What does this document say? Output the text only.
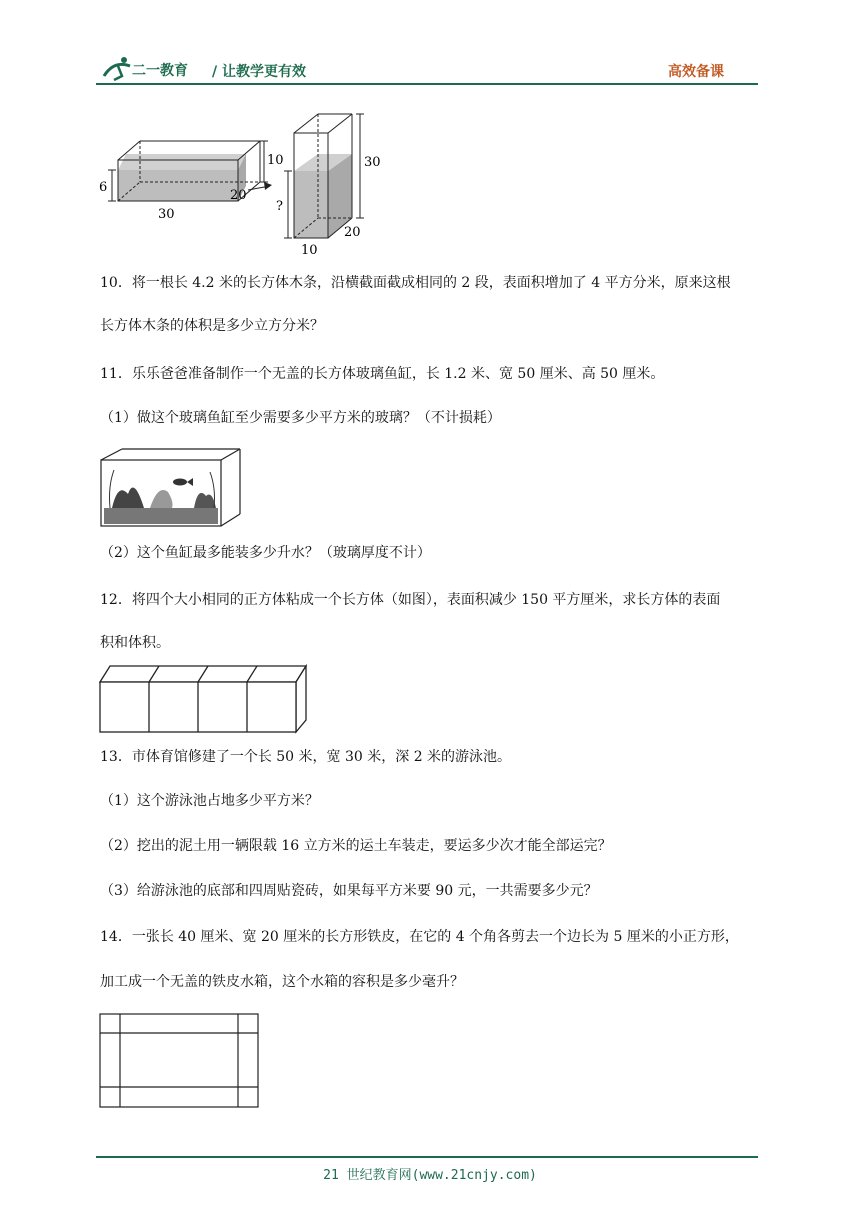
二一教育 / 让教学更有效	高效备课
10
6
30
20
30
?
10
20
10．将一根长 4.2 米的长方体木条，沿横截面截成相同的 2 段，表面积增加了 4 平方分米，原来这根
长方体木条的体积是多少立方分米？
11．乐乐爸爸准备制作一个无盖的长方体玻璃鱼缸，长 1.2 米、宽 50 厘米、高 50 厘米。
（1）做这个玻璃鱼缸至少需要多少平方米的玻璃？（不计损耗）
（2）这个鱼缸最多能装多少升水？（玻璃厚度不计）
12．将四个大小相同的正方体粘成一个长方体（如图），表面积减少 150 平方厘米，求长方体的表面
积和体积。
13．市体育馆修建了一个长 50 米，宽 30 米，深 2 米的游泳池。
（1）这个游泳池占地多少平方米？
（2）挖出的泥土用一辆限载 16 立方米的运土车装走，要运多少次才能全部运完？
（3）给游泳池的底部和四周贴瓷砖，如果每平方米要 90 元，一共需要多少元？
14．一张长 40 厘米、宽 20 厘米的长方形铁皮，在它的 4 个角各剪去一个边长为 5 厘米的小正方形，
加工成一个无盖的铁皮水箱，这个水箱的容积是多少毫升？
21 世纪教育网(www.21cnjy.com)
